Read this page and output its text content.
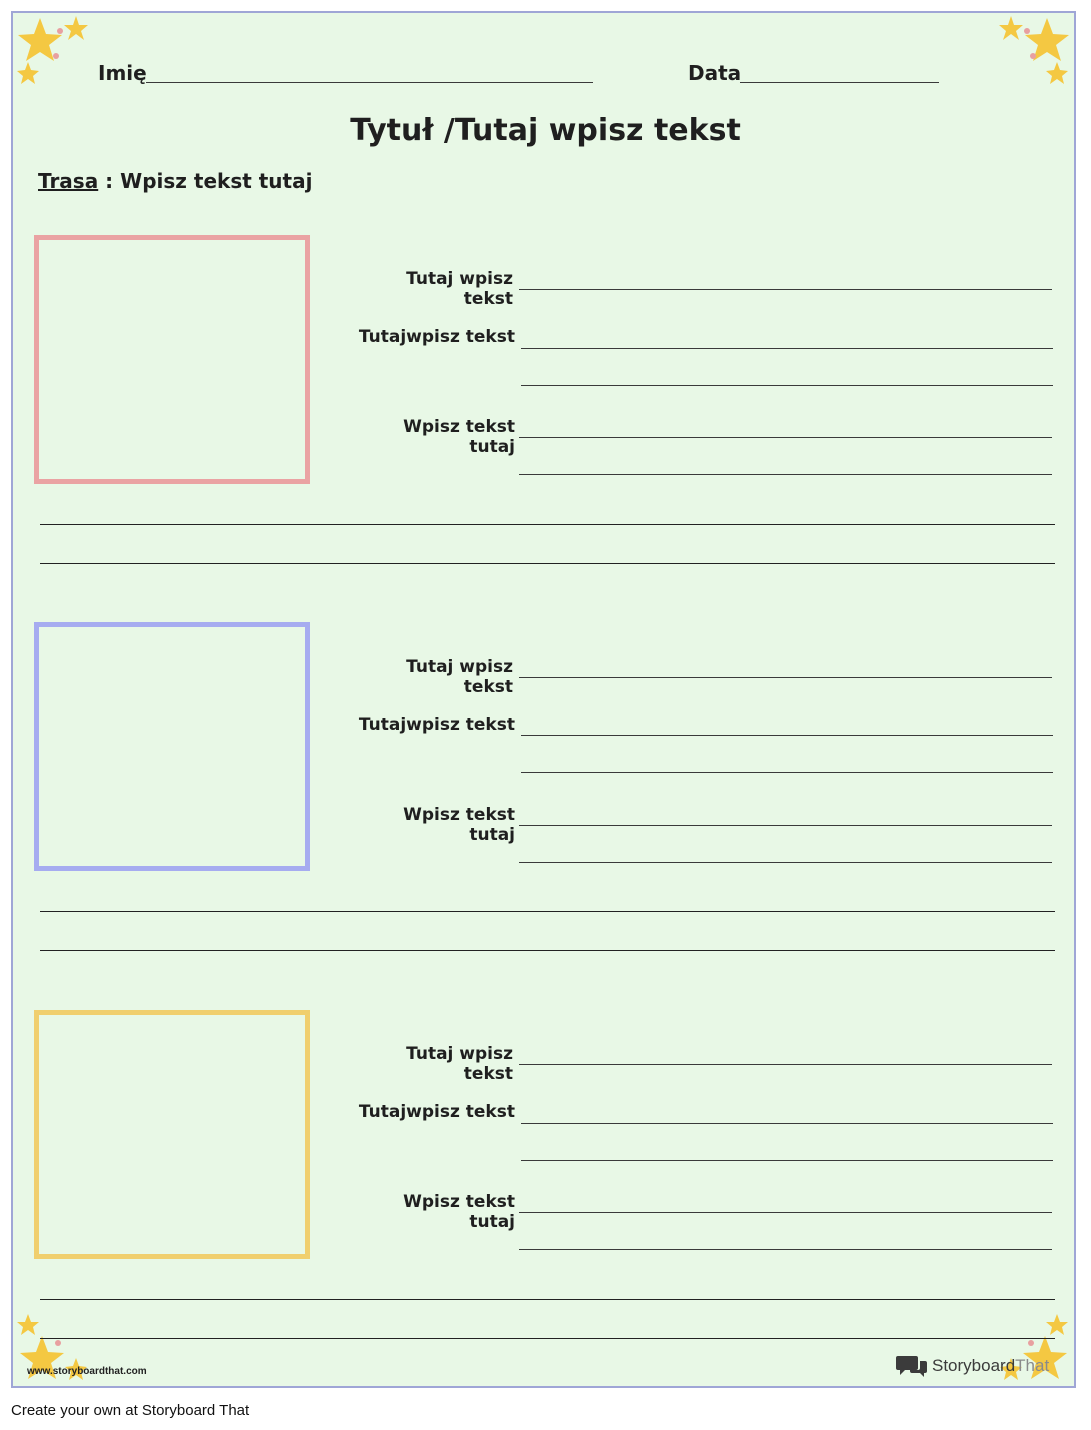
Imię	Data
Tytuł /Tutaj wpisz tekst
Trasa : Wpisz tekst tutaj
Tutaj wpisz tekst
Tutajwpisz tekst
Wpisz tekst tutaj
Tutaj wpisz tekst
Tutajwpisz tekst
Wpisz tekst tutaj
Tutaj wpisz tekst
Tutajwpisz tekst
Wpisz tekst tutaj
www.storyboardthat.com	StoryboardThat
Create your own at Storyboard That
